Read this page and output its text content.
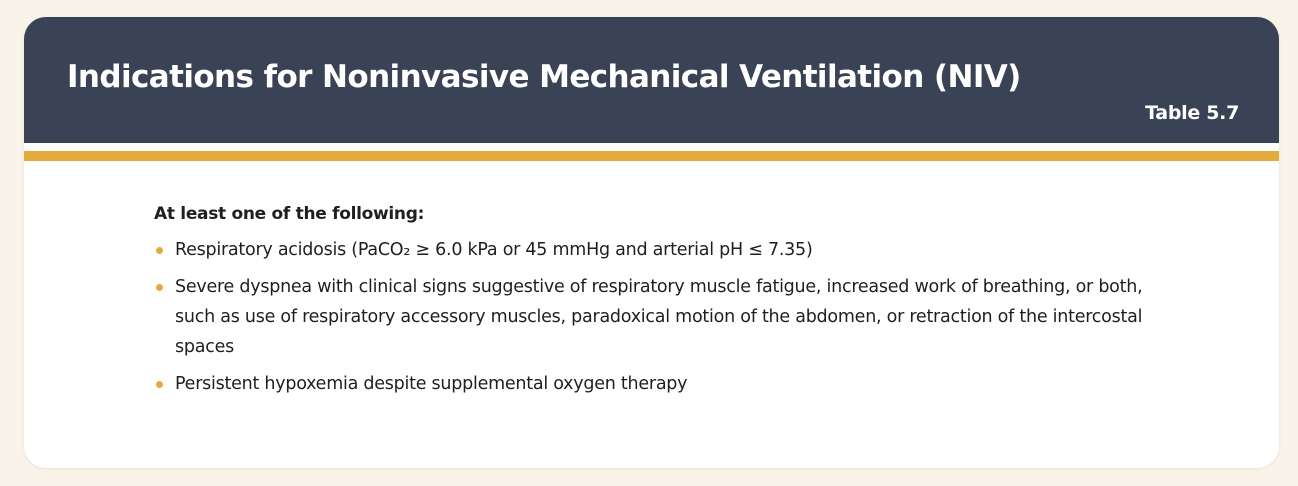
Indications for Noninvasive Mechanical Ventilation (NIV)
Table 5.7

At least one of the following:

Respiratory acidosis (PaCO₂ ≥ 6.0 kPa or 45 mmHg and arterial pH ≤ 7.35)
Severe dyspnea with clinical signs suggestive of respiratory muscle fatigue, increased work of breathing, or both, such as use of respiratory accessory muscles, paradoxical motion of the abdomen, or retraction of the intercostal spaces
Persistent hypoxemia despite supplemental oxygen therapy
